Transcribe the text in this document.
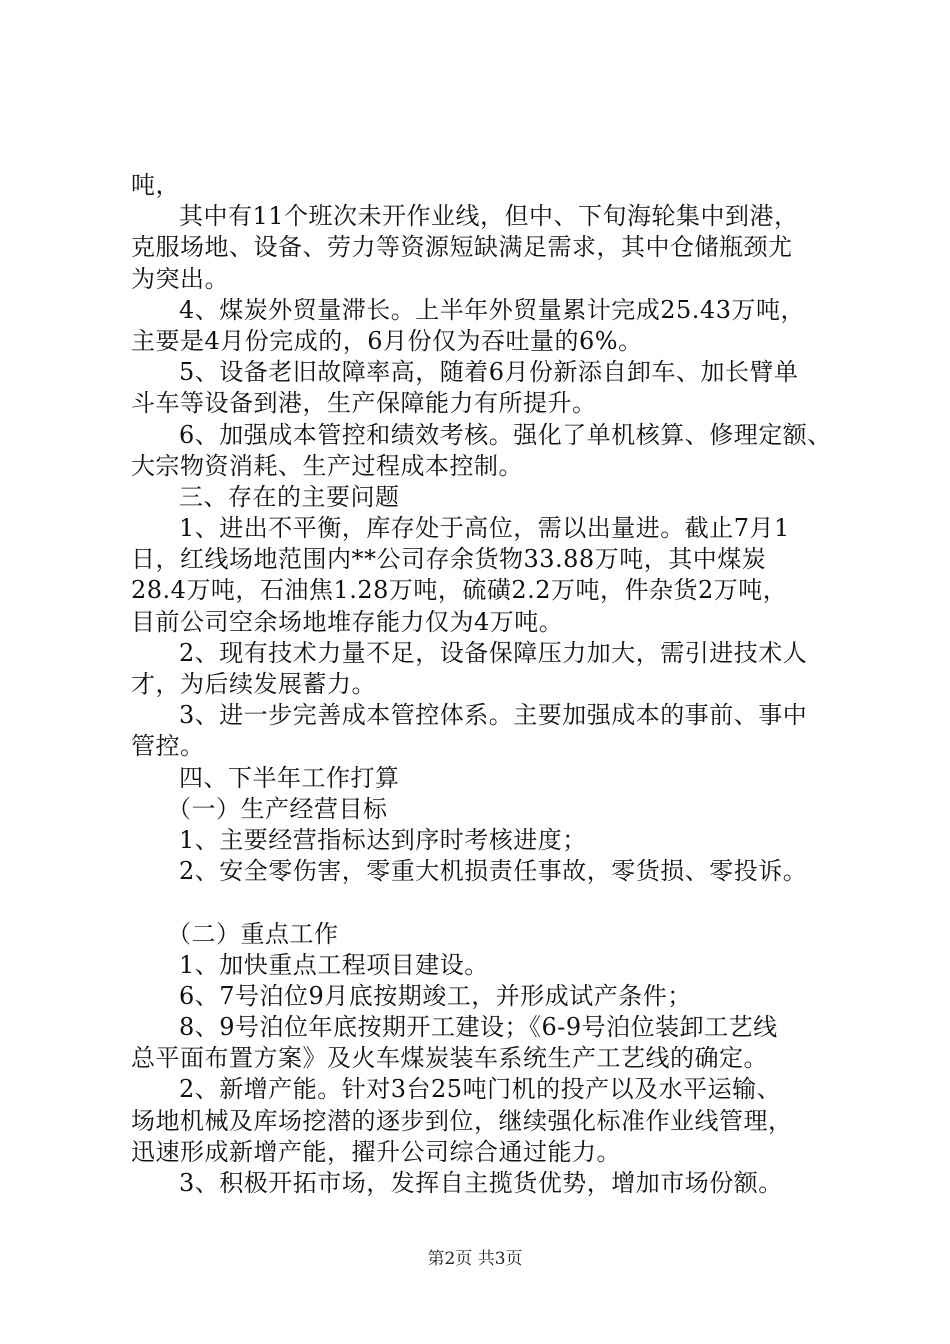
吨，
其中有11个班次未开作业线，但中、下旬海轮集中到港，
克服场地、设备、劳力等资源短缺满足需求，其中仓储瓶颈尤
为突出。
4、煤炭外贸量滞长。上半年外贸量累计完成25.43万吨，
主要是4月份完成的，6月份仅为吞吐量的6%。
5、设备老旧故障率高，随着6月份新添自卸车、加长臂单
斗车等设备到港，生产保障能力有所提升。
6、加强成本管控和绩效考核。强化了单机核算、修理定额、
大宗物资消耗、生产过程成本控制。
三、存在的主要问题
1、进出不平衡，库存处于高位，需以出量进。截止7月1
日，红线场地范围内**公司存余货物33.88万吨，其中煤炭
28.4万吨，石油焦1.28万吨，硫磺2.2万吨，件杂货2万吨，
目前公司空余场地堆存能力仅为4万吨。
2、现有技术力量不足，设备保障压力加大，需引进技术人
才，为后续发展蓄力。
3、进一步完善成本管控体系。主要加强成本的事前、事中
管控。
四、下半年工作打算
（一）生产经营目标
1、主要经营指标达到序时考核进度；
2、安全零伤害，零重大机损责任事故，零货损、零投诉。
（二）重点工作
1、加快重点工程项目建设。
6、7号泊位9月底按期竣工，并形成试产条件；
8、9号泊位年底按期开工建设；《6-9号泊位装卸工艺线
总平面布置方案》及火车煤炭装车系统生产工艺线的确定。
2、新增产能。针对3台25吨门机的投产以及水平运输、
场地机械及库场挖潜的逐步到位，继续强化标准作业线管理，
迅速形成新增产能，擢升公司综合通过能力。
3、积极开拓市场，发挥自主揽货优势，增加市场份额。
第2页 共3页
